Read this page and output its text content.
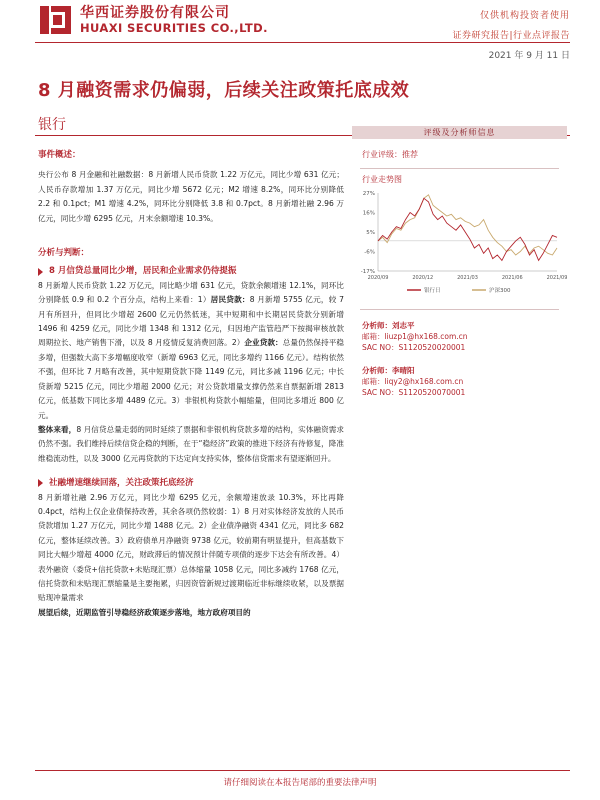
华西证券股份有限公司
HUAXI SECURITIES CO.,LTD.
仅供机构投资者使用
证券研究报告|行业点评报告
2021 年 9 月 11 日
8 月融资需求仍偏弱，后续关注政策托底成效
银行

事件概述：

央行公布 8 月金融和社融数据：8 月新增人民币贷款 1.22 万亿元，同比少增 631 亿元；人民币存款增加 1.37 万亿元，同比少增 5672 亿元；M2 增速 8.2%，同环比分别降低 2.2 和 0.1pct；M1 增速 4.2%，同环比分别降低 3.8 和 0.7pct。8 月新增社融 2.96 万亿元，同比少增 6295 亿元，月末余额增速 10.3%。

分析与判断：

8 月信贷总量同比少增，居民和企业需求仍待提振

8 月新增人民币贷款 1.22 万亿元，同比略少增 631 亿元，贷款余额增速 12.1%，同环比分别降低 0.9 和 0.2 个百分点，结构上来看：1）居民贷款：8 月新增 5755 亿元，较 7 月有所回升，但同比少增超 2600 亿元仍然低迷，其中短期和中长期居民贷款分别新增 1496 和 4259 亿元，同比少增 1348 和 1312 亿元，归因地产监管趋严下按揭审核放款周期拉长、地产销售下滑，以及 8 月疫情反复消费回落。2）企业贷款：总量仍然保持平稳多增，但强数大高下多增幅度收窄（新增 6963 亿元，同比多增约 1166 亿元）。结构依然不强，但环比 7 月略有改善，其中短期贷款下降 1149 亿元，同比多减 1196 亿元；中长贷新增 5215 亿元，同比少增超 2000 亿元；对公贷款增量支撑仍然来自票据新增 2813 亿元，低基数下同比多增 4489 亿元。3）非银机构贷款小幅缩量，但同比多增近 800 亿元。

整体来看，8 月信贷总量走弱的同时延续了票据和非银机构贷款多增的结构，实体融资需求仍然不强。我们维持后续信贷企稳的判断，在于“稳经济”政策的推进下经济有待修复，降准维稳流动性，以及 3000 亿元再贷款的下达定向支持实体，整体信贷需求有望逐渐回升。

社融增速继续回落，关注政策托底经济

8 月新增社融 2.96 万亿元，同比少增 6295 亿元，余额增速放录 10.3%，环比再降 0.4pct，结构上仅企业债保持改善，其余各项仍然较弱：1）8 月对实体经济发放的人民币贷款增加 1.27 万亿元，同比少增 1488 亿元。2）企业债净融资 4341 亿元，同比多 682 亿元，整体延续改善。3）政府债单月净融资 9738 亿元，较前期有明显提升，但高基数下同比大幅少增超 4000 亿元，财政滞后的情况预计伴随专项债的逐步下达会有所改善。4）表外融资（委贷+信托贷款+未贴现汇票）总体缩量 1058 亿元，同比多减约 1768 亿元，信托贷款和未贴现汇票缩量是主要拖累，归因资管新规过渡期临近非标继续收紧，以及票据贴现冲量需求

展望后续，近期监管引导稳经济政策逐步落地，地方政府项目的

评级及分析师信息
行业评级：推荐
行业走势图
27%
16%
5%
-6%
-17%
2020/09	2020/12	2021/03	2021/06	2021/09
银行日	沪深300
分析师：刘志平
邮箱：liuzp1@hx168.com.cn
SAC NO：S1120520020001
分析师：李晴阳
邮箱：liqy2@hx168.com.cn
SAC NO：S1120520070001
请仔细阅读在本报告尾部的重要法律声明
